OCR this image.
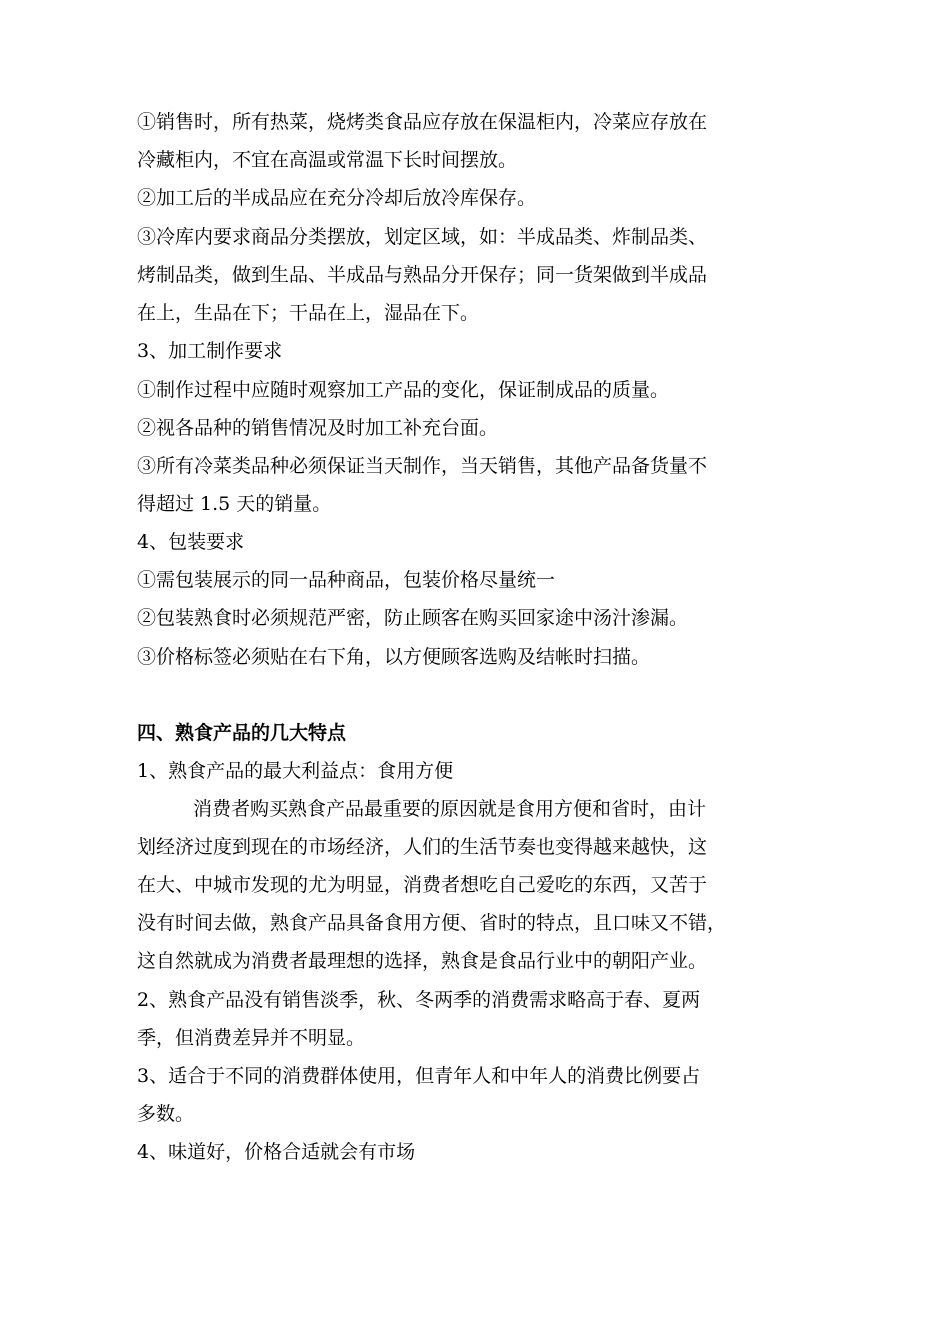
①销售时，所有热菜，烧烤类食品应存放在保温柜内，冷菜应存放在
冷藏柜内，不宜在高温或常温下长时间摆放。
②加工后的半成品应在充分冷却后放冷库保存。
③冷库内要求商品分类摆放，划定区域，如：半成品类、炸制品类、
烤制品类，做到生品、半成品与熟品分开保存；同一货架做到半成品
在上，生品在下；干品在上，湿品在下。
3、加工制作要求
①制作过程中应随时观察加工产品的变化，保证制成品的质量。
②视各品种的销售情况及时加工补充台面。
③所有冷菜类品种必须保证当天制作，当天销售，其他产品备货量不
得超过 1.5 天的销量。
4、包装要求
①需包装展示的同一品种商品，包装价格尽量统一
②包装熟食时必须规范严密，防止顾客在购买回家途中汤汁渗漏。
③价格标签必须贴在右下角，以方便顾客选购及结帐时扫描。
四、熟食产品的几大特点
1、熟食产品的最大利益点：食用方便
消费者购买熟食产品最重要的原因就是食用方便和省时，由计
划经济过度到现在的市场经济，人们的生活节奏也变得越来越快，这
在大、中城市发现的尤为明显，消费者想吃自己爱吃的东西，又苦于
没有时间去做，熟食产品具备食用方便、省时的特点，且口味又不错，
这自然就成为消费者最理想的选择，熟食是食品行业中的朝阳产业。
2、熟食产品没有销售淡季，秋、冬两季的消费需求略高于春、夏两
季，但消费差异并不明显。
3、适合于不同的消费群体使用，但青年人和中年人的消费比例要占
多数。
4、味道好，价格合适就会有市场
